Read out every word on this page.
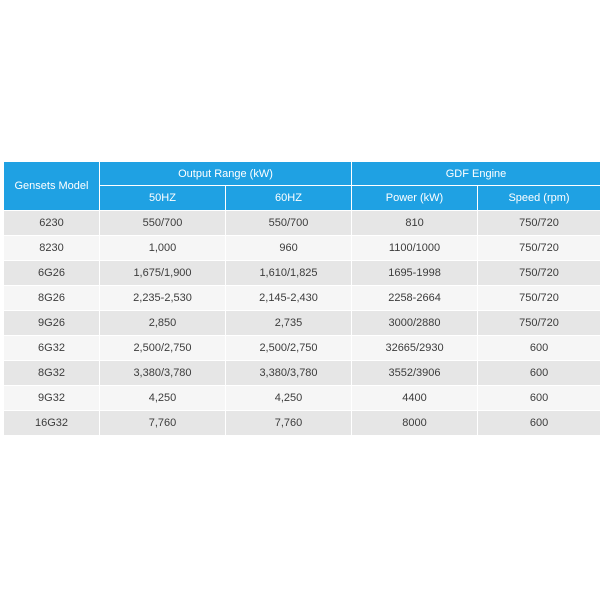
Gensets Model	Output Range (kW)		GDF Engine	
	50HZ	60HZ	Power (kW)	Speed (rpm)
6230	550/700	550/700	810	750/720
8230	1,000	960	1100/1000	750/720
6G26	1,675/1,900	1,610/1,825	1695-1998	750/720
8G26	2,235-2,530	2,145-2,430	2258-2664	750/720
9G26	2,850	2,735	3000/2880	750/720
6G32	2,500/2,750	2,500/2,750	32665/2930	600
8G32	3,380/3,780	3,380/3,780	3552/3906	600
9G32	4,250	4,250	4400	600
16G32	7,760	7,760	8000	600
